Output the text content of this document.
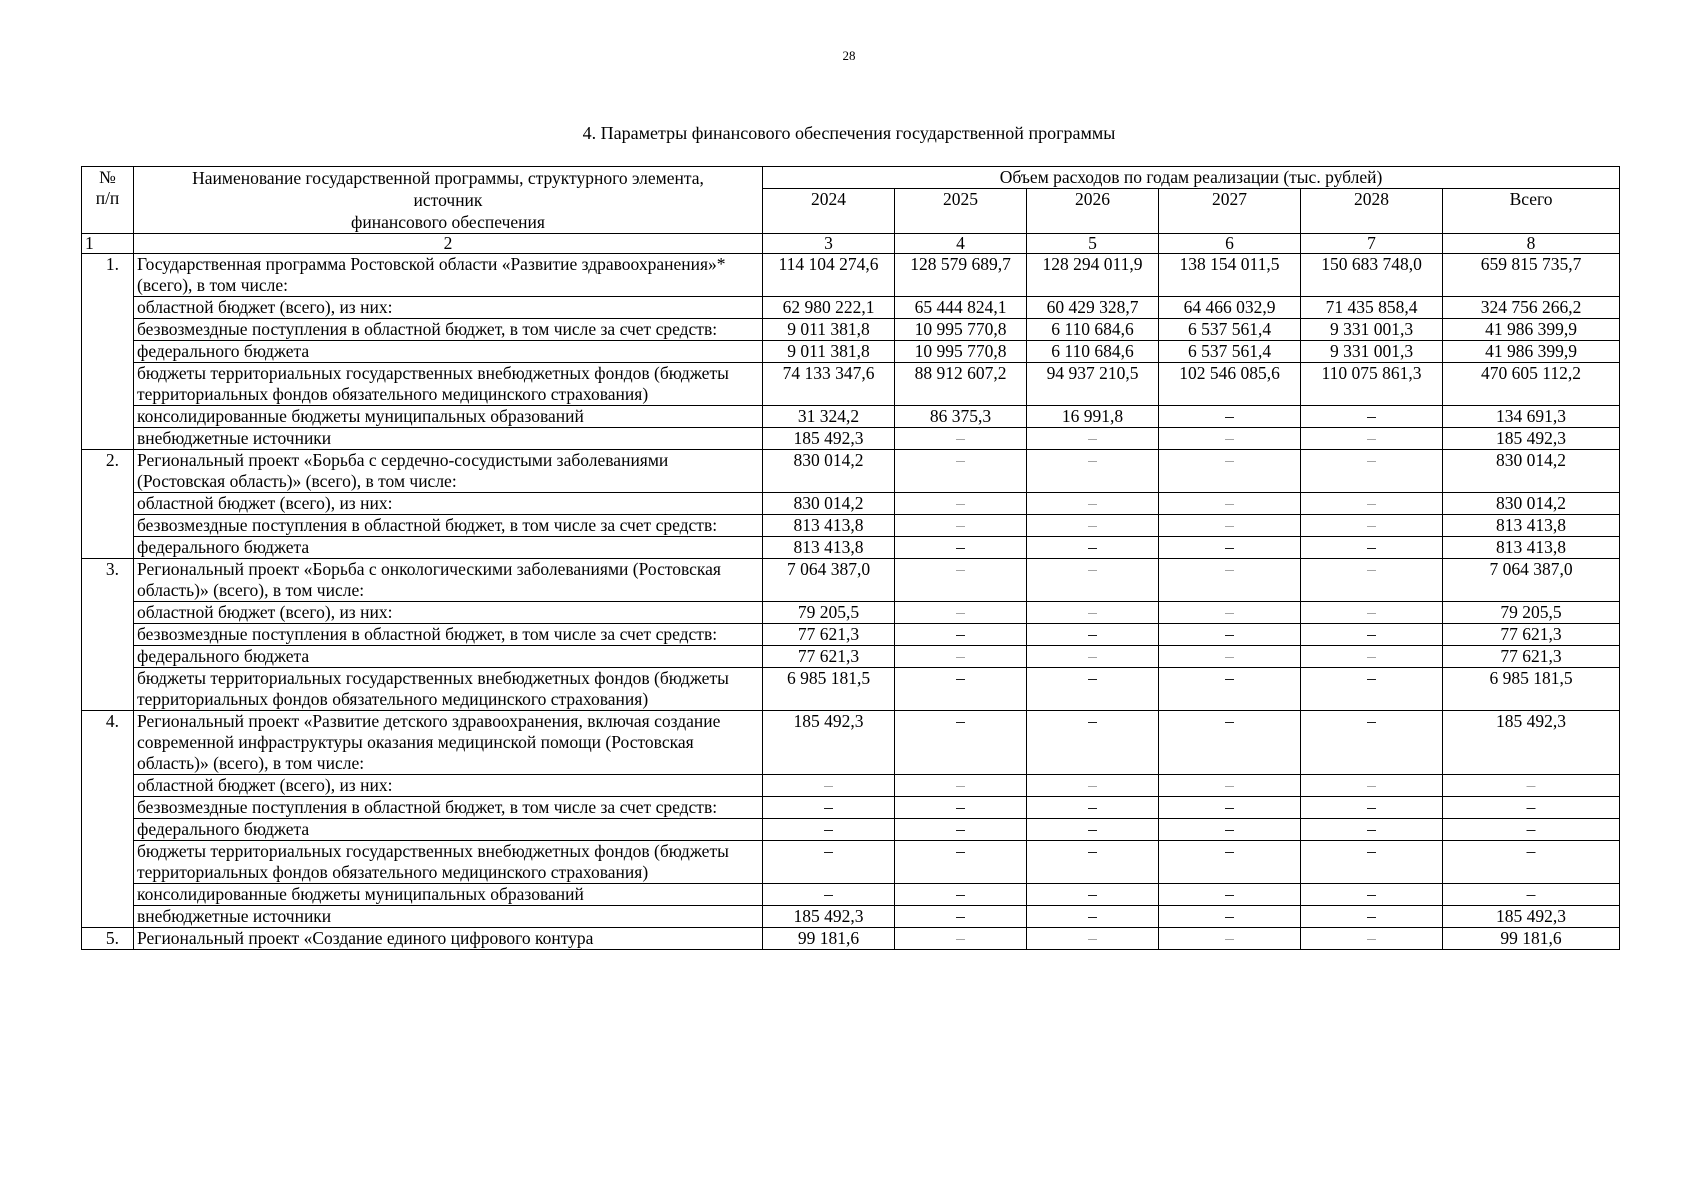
28
4. Параметры финансового обеспечения государственной программы
№
п/п	Наименование государственной программы, структурного элемента,
источник
финансового обеспечения	Объем расходов по годам реализации (тыс. рублей)					
		2024	2025	2026	2027	2028	Всего
1	2	3	4	5	6	7	8
1.	Государственная программа Ростовской области «Развитие здравоохранения»* (всего), в том числе:	114 104 274,6	128 579 689,7	128 294 011,9	138 154 011,5	150 683 748,0	659 815 735,7
	областной бюджет (всего), из них:	62 980 222,1	65 444 824,1	60 429 328,7	64 466 032,9	71 435 858,4	324 756 266,2
	безвозмездные поступления в областной бюджет, в том числе за счет средств:	9 011 381,8	10 995 770,8	6 110 684,6	6 537 561,4	9 331 001,3	41 986 399,9
	федерального бюджета	9 011 381,8	10 995 770,8	6 110 684,6	6 537 561,4	9 331 001,3	41 986 399,9
	бюджеты территориальных государственных внебюджетных фондов (бюджеты территориальных фондов обязательного медицинского страхования)	74 133 347,6	88 912 607,2	94 937 210,5	102 546 085,6	110 075 861,3	470 605 112,2
	консолидированные бюджеты муниципальных образований	31 324,2	86 375,3	16 991,8	–	–	134 691,3
	внебюджетные источники	185 492,3	–	–	–	–	185 492,3
2.	Региональный проект «Борьба с сердечно-сосудистыми заболеваниями (Ростовская область)» (всего), в том числе:	830 014,2	–	–	–	–	830 014,2
	областной бюджет (всего), из них:	830 014,2	–	–	–	–	830 014,2
	безвозмездные поступления в областной бюджет, в том числе за счет средств:	813 413,8	–	–	–	–	813 413,8
	федерального бюджета	813 413,8	–	–	–	–	813 413,8
3.	Региональный проект «Борьба с онкологическими заболеваниями (Ростовская область)» (всего), в том числе:	7 064 387,0	–	–	–	–	7 064 387,0
	областной бюджет (всего), из них:	79 205,5	–	–	–	–	79 205,5
	безвозмездные поступления в областной бюджет, в том числе за счет средств:	77 621,3	–	–	–	–	77 621,3
	федерального бюджета	77 621,3	–	–	–	–	77 621,3
	бюджеты территориальных государственных внебюджетных фондов (бюджеты территориальных фондов обязательного медицинского страхования)	6 985 181,5	–	–	–	–	6 985 181,5
4.	Региональный проект «Развитие детского здравоохранения, включая создание современной инфраструктуры оказания медицинской помощи (Ростовская область)» (всего), в том числе:	185 492,3	–	–	–	–	185 492,3
	областной бюджет (всего), из них:	–	–	–	–	–	–
	безвозмездные поступления в областной бюджет, в том числе за счет средств:	–	–	–	–	–	–
	федерального бюджета	–	–	–	–	–	–
	бюджеты территориальных государственных внебюджетных фондов (бюджеты территориальных фондов обязательного медицинского страхования)	–	–	–	–	–	–
	консолидированные бюджеты муниципальных образований	–	–	–	–	–	–
	внебюджетные источники	185 492,3	–	–	–	–	185 492,3
5.	Региональный проект «Создание единого цифрового контура	99 181,6	–	–	–	–	99 181,6
